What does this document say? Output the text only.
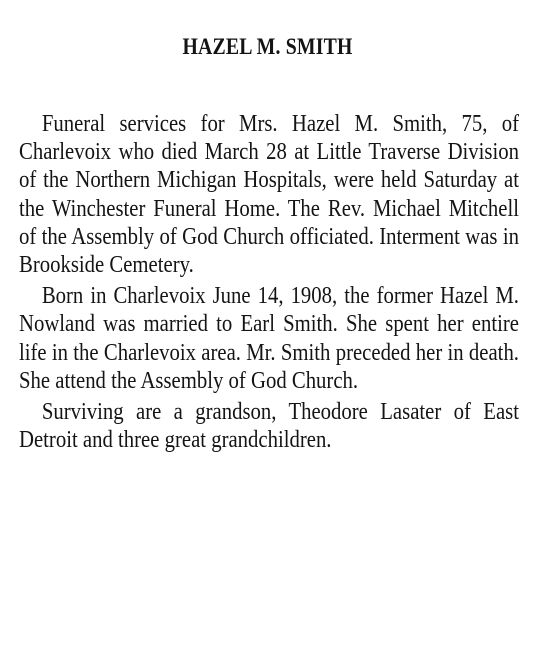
HAZEL M. SMITH

Funeral services for Mrs. Hazel M. Smith, 75, of Charlevoix who died March 28 at Little Traverse Division of the Northern Michigan Hospitals, were held Saturday at the Winchester Funeral Home. The Rev. Michael Mitchell of the Assembly of God Church officiated. Interment was in Brookside Cemetery.

Born in Charlevoix June 14, 1908, the former Hazel M. Nowland was married to Earl Smith. She spent her entire life in the Charlevoix area. Mr. Smith preceded her in death. She attend the Assembly of God Church.

Surviving are a grandson, Theodore Lasater of East Detroit and three great grandchildren.
